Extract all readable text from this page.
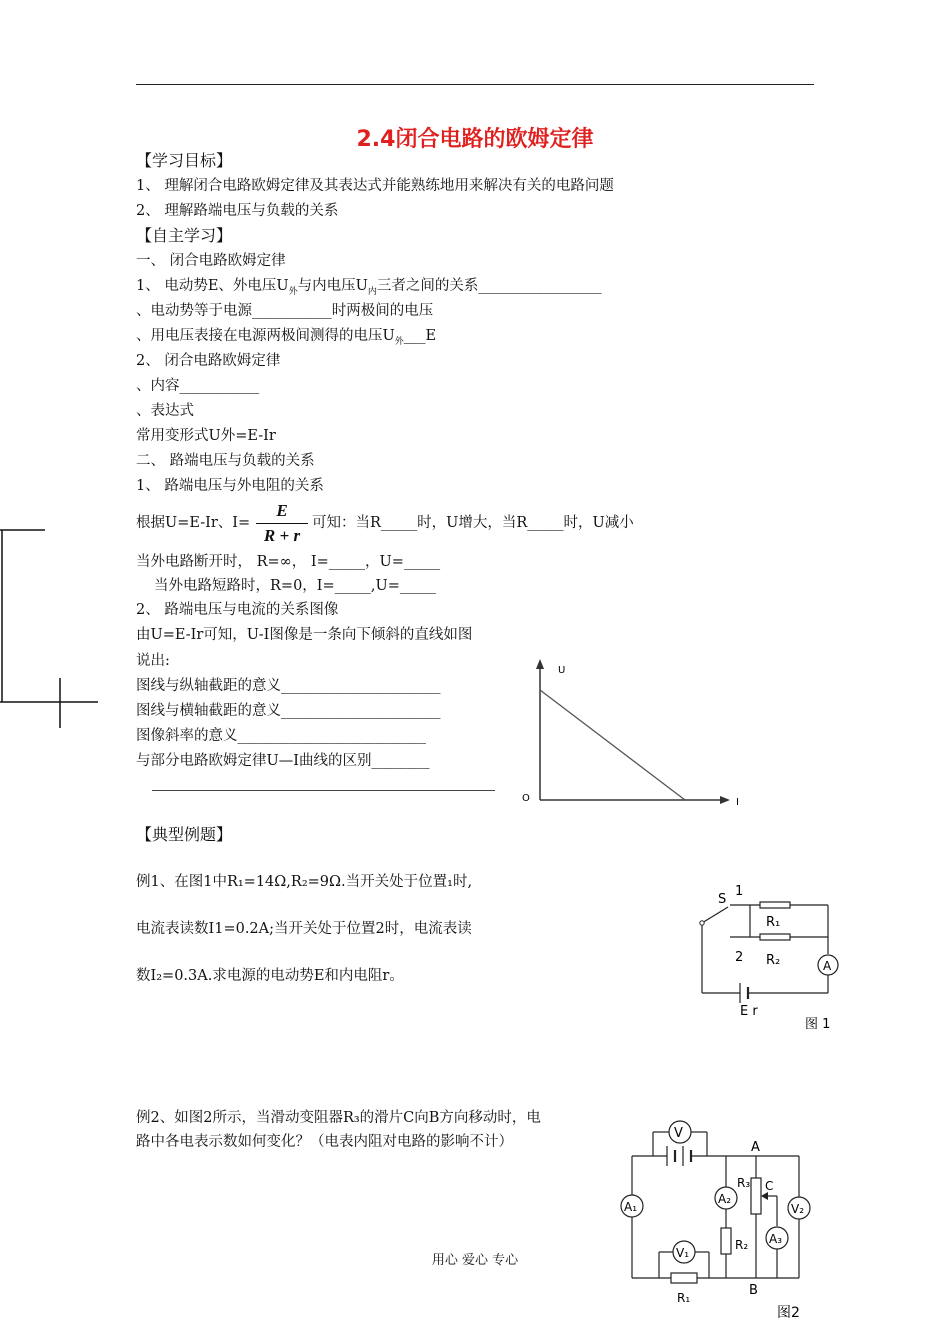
2.4闭合电路的欧姆定律
【学习目标】
1、 理解闭合电路欧姆定律及其表达式并能熟练地用来解决有关的电路问题
2、 理解路端电压与负载的关系
【自主学习】
一、 闭合电路欧姆定律
1、 电动势E、外电压$U_外$与内电压$U_内$三者之间的关系_________________
、电动势等于电源___________时两极间的电压
、用电压表接在电源两极间测得的电压$U_外\_\_\_E$
2、 闭合电路欧姆定律
、内容___________
、表达式
常用变形式U外=E-Ir
二、 路端电压与负载的关系
1、 路端电压与外电阻的关系
根据U=E-Ir、I=
E
R + r
可知：当R_____时，U增大，当R_____时，U减小
当外电路断开时， R=∞， I=_____，U=_____
当外电路短路时，R=0，I=_____,U=_____
2、 路端电压与电流的关系图像
由U=E-Ir可知，U-I图像是一条向下倾斜的直线如图
说出:
图线与纵轴截距的意义______________________
图线与横轴截距的意义______________________
图像斜率的意义__________________________
与部分电路欧姆定律U—I曲线的区别________
U
I
O
【典型例题】
例1、在图1中R₁=14Ω,R₂=9Ω.当开关处于位置₁时,
电流表读数I1=0.2A;当开关处于位置2时，电流表读
数I₂=0.3A.求电源的电动势E和内电阻r。
S
1
R₁
2 R₂	A
E r
图 1
例2、如图2所示，当滑动变阻器R₃的滑片C向B方向移动时，电
路中各电表示数如何变化？（电表内阻对电路的影响不计）
V
A
R₃ C
A₁
A₂
V₂
A₃
R₂
V₁
R₁	B
图2
用心 爱心 专心
